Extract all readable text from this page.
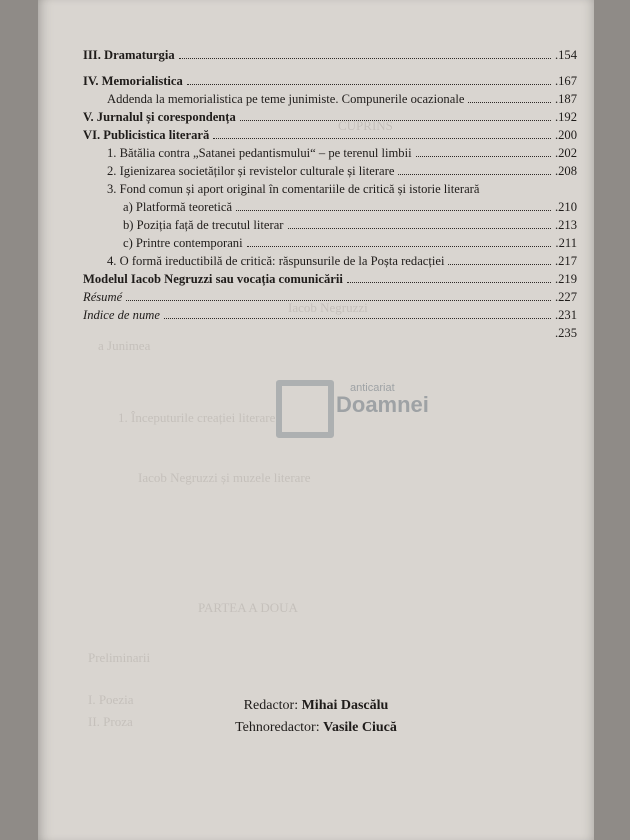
CUPRINS
Iacob Negruzzi
a Junimea
1. Începuturile creației literare
Iacob Negruzzi și muzele literare
PARTEA A DOUA
Preliminarii
I. Poezia
II. Proza
III. Dramaturgia	.154
IV. Memorialistica	.167
Addenda la memorialistica pe teme junimiste. Compunerile ocazionale	.187
V. Jurnalul și corespondența	.192
VI. Publicistica literară	.200
1. Bătălia contra „Satanei pedantismului“ – pe terenul limbii	.202
2. Igienizarea societăților și revistelor culturale și literare	.208
3. Fond comun și aport original în comentariile de critică și istorie literară
a) Platformă teoretică	.210
b) Poziția față de trecutul literar	.213
c) Printre contemporani	.211
4. O formă ireductibilă de critică: răspunsurile de la Poșta redacției	.217
Modelul Iacob Negruzzi sau vocația comunicării	.219
Résumé	.227
Indice de nume	.231
.235
anticariat
Doamnei
Redactor: Mihai Dascălu
Tehnoredactor: Vasile Ciucă
